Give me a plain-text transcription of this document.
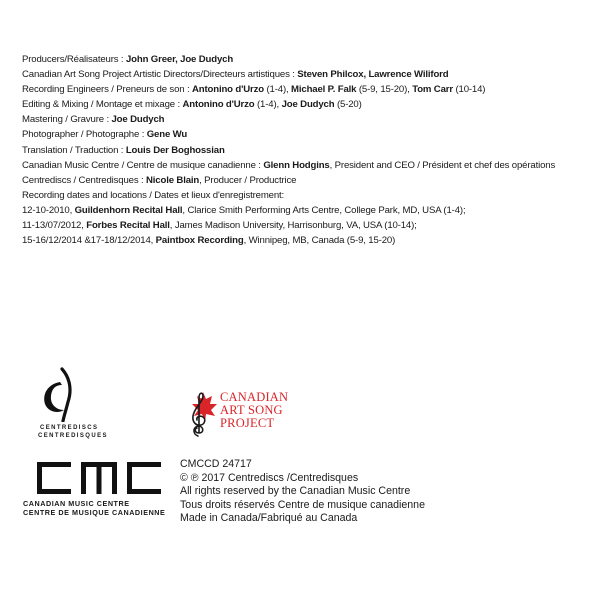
Producers/Réalisateurs : John Greer, Joe Dudych
Canadian Art Song Project Artistic Directors/Directeurs artistiques : Steven Philcox, Lawrence Wiliford
Recording Engineers / Preneurs de son : Antonino d'Urzo (1-4), Michael P. Falk (5-9, 15-20), Tom Carr (10-14)
Editing & Mixing / Montage et mixage : Antonino d'Urzo (1-4), Joe Dudych (5-20)
Mastering / Gravure : Joe Dudych
Photographer / Photographe : Gene Wu
Translation / Traduction : Louis Der Boghossian
Canadian Music Centre / Centre de musique canadienne : Glenn Hodgins, President and CEO / Président et chef des opérations
Centrediscs / Centredisques : Nicole Blain, Producer / Productrice
Recording dates and locations / Dates et lieux d'enregistrement:
12-10-2010, Guildenhorn Recital Hall, Clarice Smith Performing Arts Centre, College Park, MD, USA (1-4);
11-13/07/2012, Forbes Recital Hall, James Madison University, Harrisonburg, VA, USA (10-14);
15-16/12/2014 &17-18/12/2014, Paintbox Recording, Winnipeg, MB, Canada (5-9, 15-20)
CENTREDISCS
CENTREDISQUES
CANADIAN
ART SONG
PROJECT
CANADIAN MUSIC CENTRE
CENTRE DE MUSIQUE CANADIENNE
CMCCD 24717
© ℗ 2017 Centrediscs /Centredisques
All rights reserved by the Canadian Music Centre
Tous droits réservés Centre de musique canadienne
Made in Canada/Fabriqué au Canada
